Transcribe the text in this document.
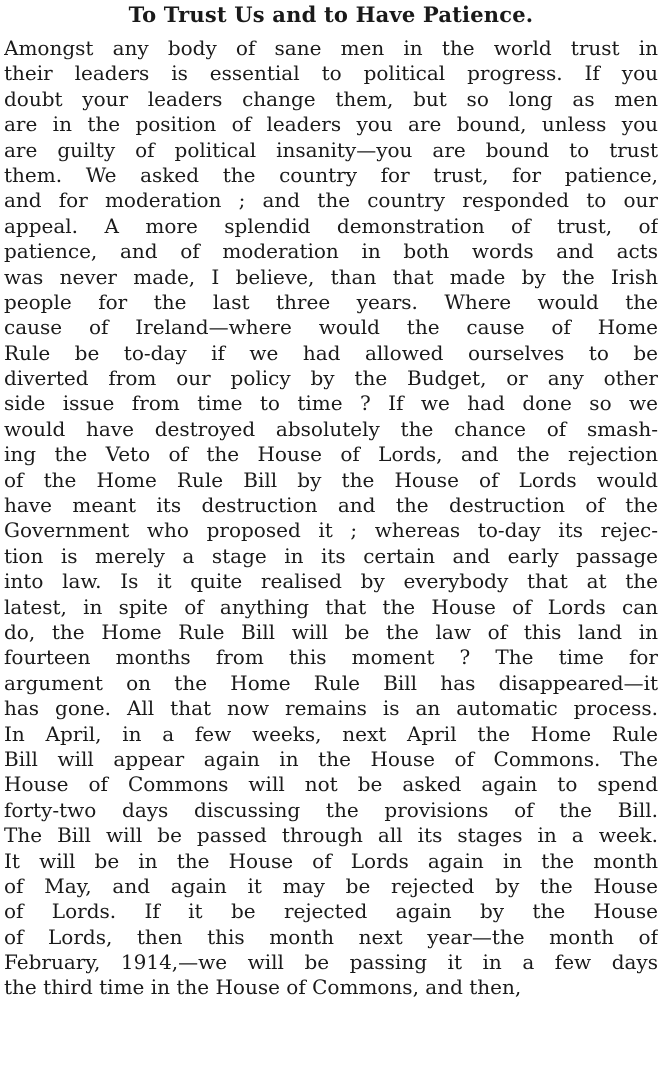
To Trust Us and to Have Patience.
Amongst any body of sane men in the world trust in
their leaders is essential to political progress. If you
doubt your leaders change them, but so long as men
are in the position of leaders you are bound, unless you
are guilty of political insanity—you are bound to trust
them. We asked the country for trust, for patience,
and for moderation ; and the country responded to our
appeal. A more splendid demonstration of trust, of
patience, and of moderation in both words and acts
was never made, I believe, than that made by the Irish
people for the last three years. Where would the
cause of Ireland—where would the cause of Home
Rule be to-day if we had allowed ourselves to be
diverted from our policy by the Budget, or any other
side issue from time to time ? If we had done so we
would have destroyed absolutely the chance of smash-
ing the Veto of the House of Lords, and the rejection
of the Home Rule Bill by the House of Lords would
have meant its destruction and the destruction of the
Government who proposed it ; whereas to-day its rejec-
tion is merely a stage in its certain and early passage
into law. Is it quite realised by everybody that at the
latest, in spite of anything that the House of Lords can
do, the Home Rule Bill will be the law of this land in
fourteen months from this moment ? The time for
argument on the Home Rule Bill has disappeared—it
has gone. All that now remains is an automatic process.
In April, in a few weeks, next April the Home Rule
Bill will appear again in the House of Commons. The
House of Commons will not be asked again to spend
forty-two days discussing the provisions of the Bill.
The Bill will be passed through all its stages in a week.
It will be in the House of Lords again in the month
of May, and again it may be rejected by the House
of Lords. If it be rejected again by the House
of Lords, then this month next year—the month of
February, 1914,—we will be passing it in a few days
the third time in the House of Commons, and then,
